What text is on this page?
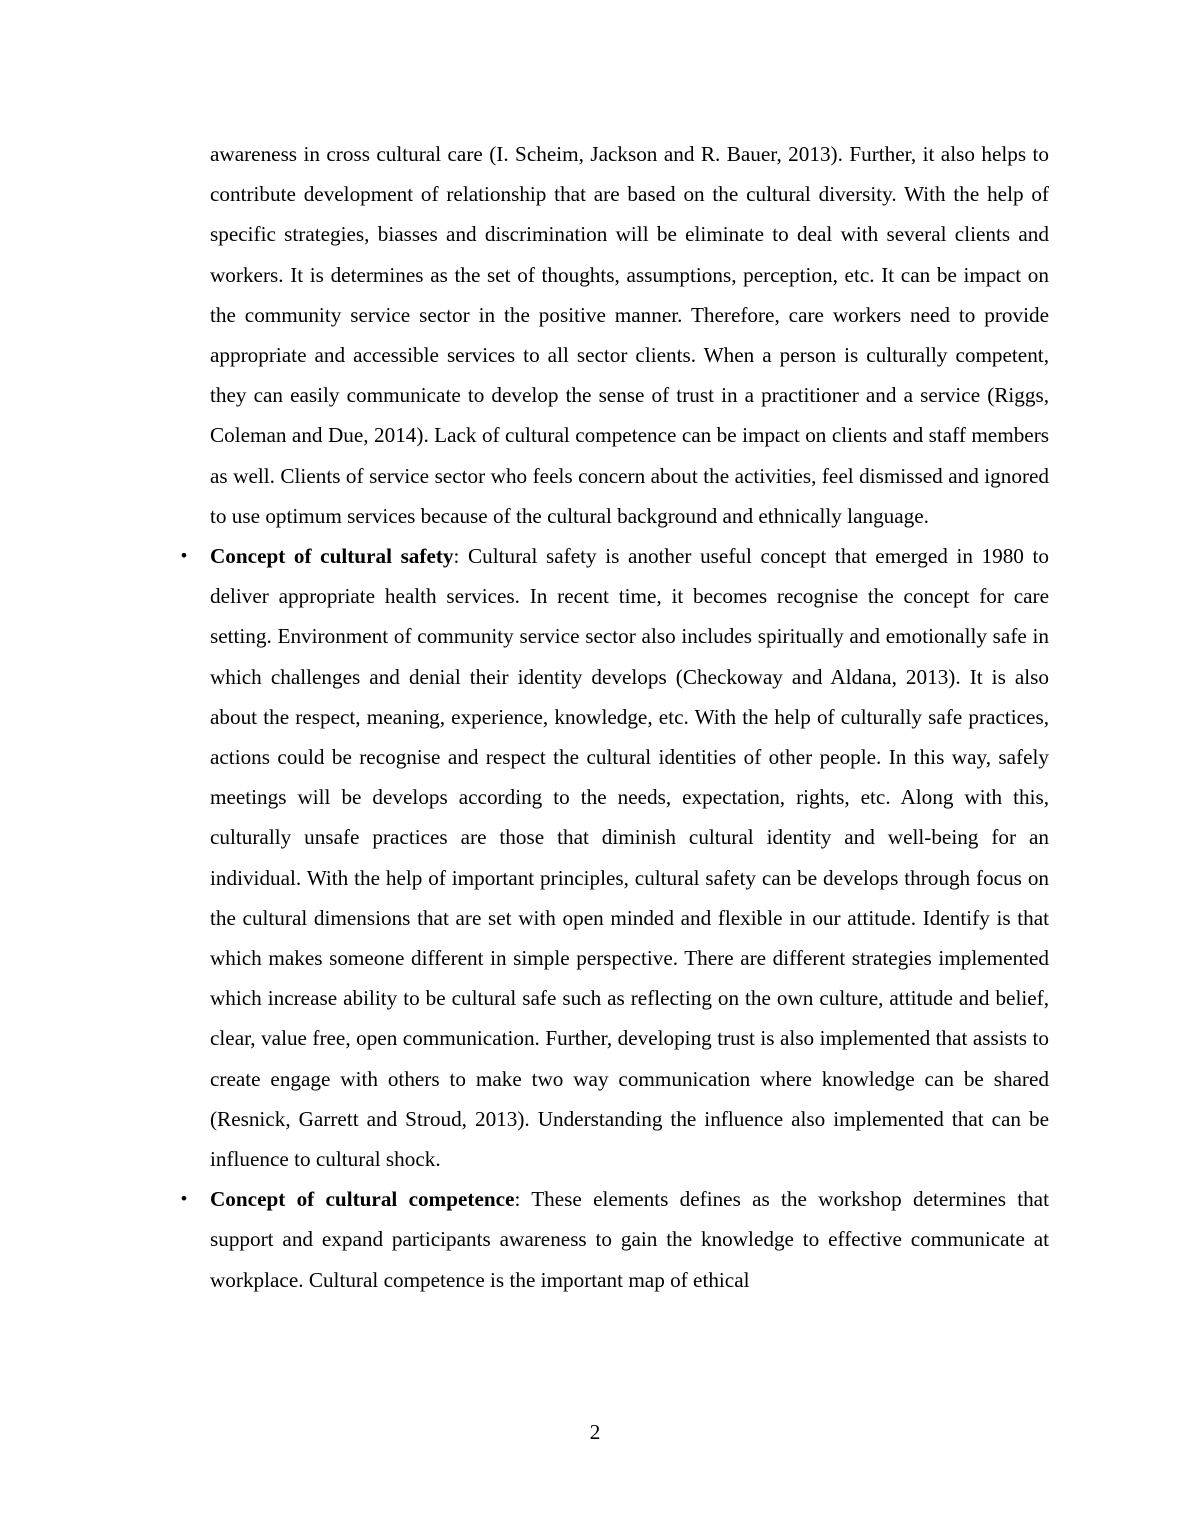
awareness in cross cultural care (I. Scheim, Jackson and R. Bauer, 2013). Further, it also helps to contribute development of relationship that are based on the cultural diversity. With the help of specific strategies, biasses and discrimination will be eliminate to deal with several clients and workers. It is determines as the set of thoughts, assumptions, perception, etc. It can be impact on the community service sector in the positive manner. Therefore, care workers need to provide appropriate and accessible services to all sector clients. When a person is culturally competent, they can easily communicate to develop the sense of trust in a practitioner and a service (Riggs, Coleman and Due, 2014). Lack of cultural competence can be impact on clients and staff members as well. Clients of service sector who feels concern about the activities, feel dismissed and ignored to use optimum services because of the cultural background and ethnically language.

• Concept of cultural safety: Cultural safety is another useful concept that emerged in 1980 to deliver appropriate health services. In recent time, it becomes recognise the concept for care setting. Environment of community service sector also includes spiritually and emotionally safe in which challenges and denial their identity develops (Checkoway and Aldana, 2013). It is also about the respect, meaning, experience, knowledge, etc. With the help of culturally safe practices, actions could be recognise and respect the cultural identities of other people. In this way, safely meetings will be develops according to the needs, expectation, rights, etc. Along with this, culturally unsafe practices are those that diminish cultural identity and well-being for an individual. With the help of important principles, cultural safety can be develops through focus on the cultural dimensions that are set with open minded and flexible in our attitude. Identify is that which makes someone different in simple perspective. There are different strategies implemented which increase ability to be cultural safe such as reflecting on the own culture, attitude and belief, clear, value free, open communication. Further, developing trust is also implemented that assists to create engage with others to make two way communication where knowledge can be shared (Resnick, Garrett and Stroud, 2013). Understanding the influence also implemented that can be influence to cultural shock.

• Concept of cultural competence: These elements defines as the workshop determines that support and expand participants awareness to gain the knowledge to effective communicate at workplace. Cultural competence is the important map of ethical

2
